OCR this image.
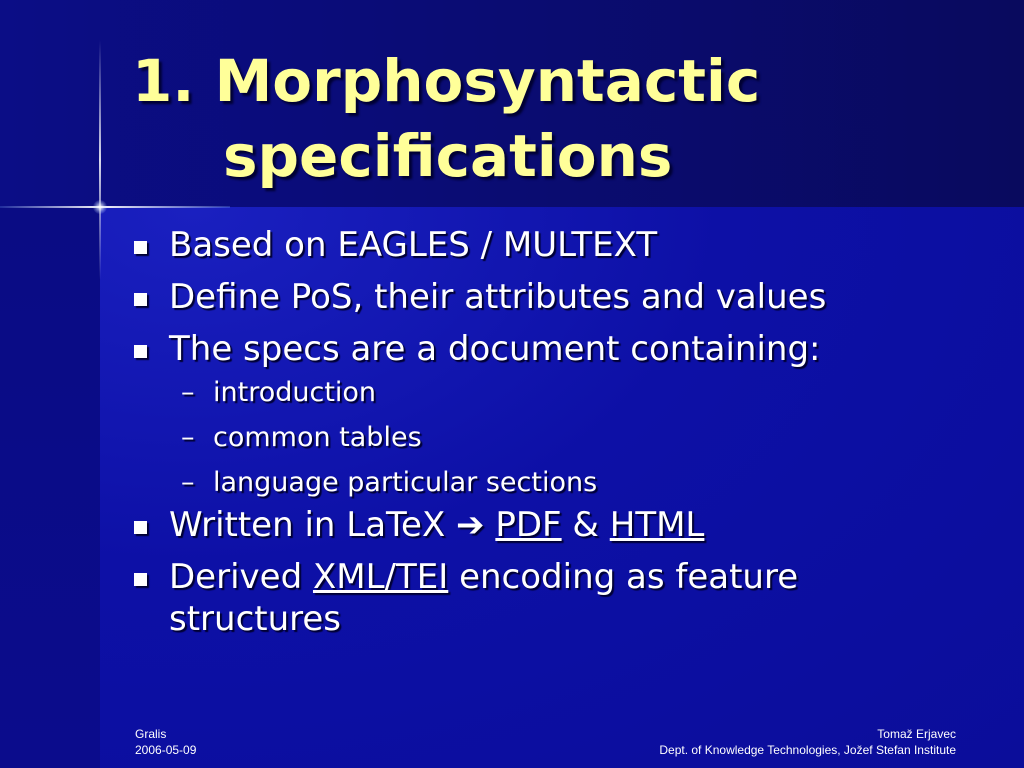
1. Morphosyntactic
specifications
Based on EAGLES / MULTEXT
Define PoS, their attributes and values
The specs are a document containing:
– introduction
– common tables
– language particular sections
Written in LaTeX ➔ PDF & HTML
Derived XML/TEI encoding as feature
structures
Gralis
2006-05-09
Tomaž Erjavec
Dept. of Knowledge Technologies, Jožef Stefan Institute
